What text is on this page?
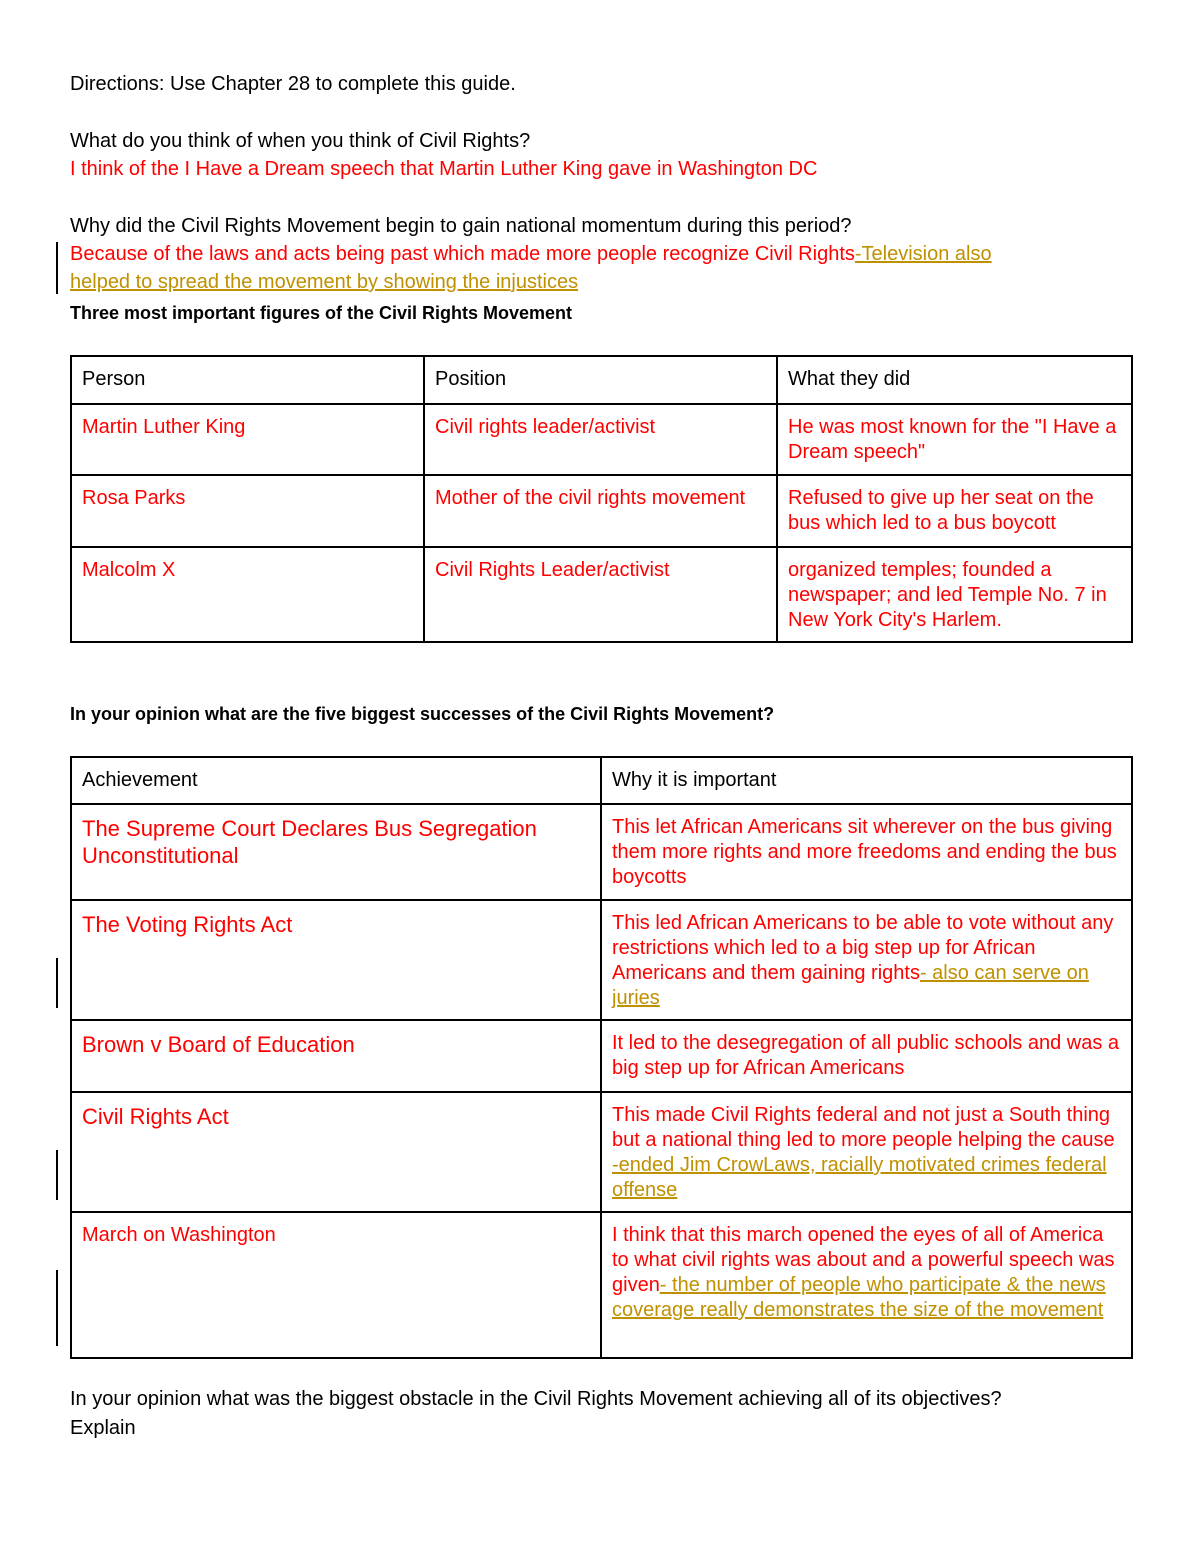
Directions: Use Chapter 28 to complete this guide.
What do you think of when you think of Civil Rights?
I think of the I Have a Dream speech that Martin Luther King gave in Washington DC
Why did the Civil Rights Movement begin to gain national momentum during this period?
Because of the laws and acts being past which made more people recognize Civil Rights-Television also
helped to spread the movement by showing the injustices
Three most important figures of the Civil Rights Movement
Person	Position	What they did
Martin Luther King	Civil rights leader/activist	He was most known for the "I Have a Dream speech"
Rosa Parks	Mother of the civil rights movement	Refused to give up her seat on the bus which led to a bus boycott
Malcolm X	Civil Rights Leader/activist	organized temples; founded a newspaper; and led Temple No. 7 in New York City's Harlem.
In your opinion what are the five biggest successes of the Civil Rights Movement?
Achievement	Why it is important
The Supreme Court Declares Bus Segregation Unconstitutional	This let African Americans sit wherever on the bus giving them more rights and more freedoms and ending the bus boycotts
The Voting Rights Act	This led African Americans to be able to vote without any restrictions which led to a big step up for African Americans and them gaining rights- also can serve on juries
Brown v Board of Education	It led to the desegregation of all public schools and was a big step up for African Americans
Civil Rights Act	This made Civil Rights federal and not just a South thing but a national thing led to more people helping the cause -ended Jim CrowLaws, racially motivated crimes federal offense
March on Washington	I think that this march opened the eyes of all of America to what civil rights was about and a powerful speech was given- the number of people who participate & the news coverage really demonstrates the size of the movement
In your opinion what was the biggest obstacle in the Civil Rights Movement achieving all of its objectives?
Explain
